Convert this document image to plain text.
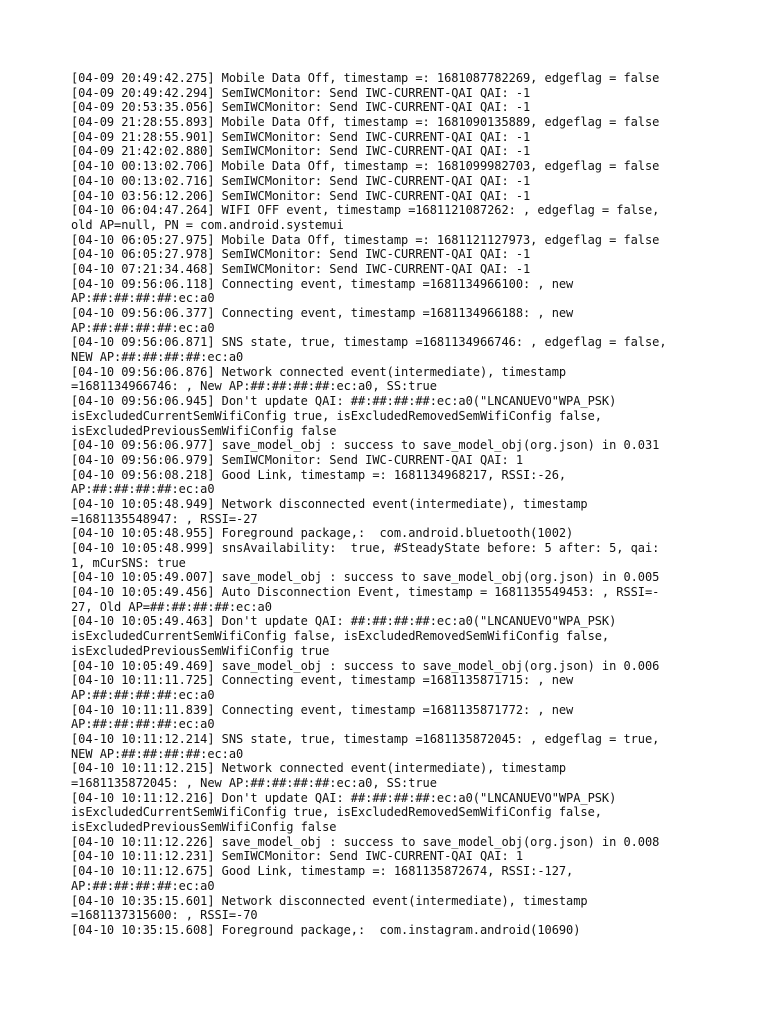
[04-09 20:49:42.275] Mobile Data Off, timestamp =: 1681087782269, edgeflag = false
[04-09 20:49:42.294] SemIWCMonitor: Send IWC-CURRENT-QAI QAI: -1
[04-09 20:53:35.056] SemIWCMonitor: Send IWC-CURRENT-QAI QAI: -1
[04-09 21:28:55.893] Mobile Data Off, timestamp =: 1681090135889, edgeflag = false
[04-09 21:28:55.901] SemIWCMonitor: Send IWC-CURRENT-QAI QAI: -1
[04-09 21:42:02.880] SemIWCMonitor: Send IWC-CURRENT-QAI QAI: -1
[04-10 00:13:02.706] Mobile Data Off, timestamp =: 1681099982703, edgeflag = false
[04-10 00:13:02.716] SemIWCMonitor: Send IWC-CURRENT-QAI QAI: -1
[04-10 03:56:12.206] SemIWCMonitor: Send IWC-CURRENT-QAI QAI: -1
[04-10 06:04:47.264] WIFI OFF event, timestamp =1681121087262: , edgeflag = false,
old AP=null, PN = com.android.systemui
[04-10 06:05:27.975] Mobile Data Off, timestamp =: 1681121127973, edgeflag = false
[04-10 06:05:27.978] SemIWCMonitor: Send IWC-CURRENT-QAI QAI: -1
[04-10 07:21:34.468] SemIWCMonitor: Send IWC-CURRENT-QAI QAI: -1
[04-10 09:56:06.118] Connecting event, timestamp =1681134966100: , new
AP:##:##:##:##:ec:a0
[04-10 09:56:06.377] Connecting event, timestamp =1681134966188: , new
AP:##:##:##:##:ec:a0
[04-10 09:56:06.871] SNS state, true, timestamp =1681134966746: , edgeflag = false,
NEW AP:##:##:##:##:ec:a0
[04-10 09:56:06.876] Network connected event(intermediate), timestamp
=1681134966746: , New AP:##:##:##:##:ec:a0, SS:true
[04-10 09:56:06.945] Don't update QAI: ##:##:##:##:ec:a0("LNCANUEVO"WPA_PSK)
isExcludedCurrentSemWifiConfig true, isExcludedRemovedSemWifiConfig false,
isExcludedPreviousSemWifiConfig false
[04-10 09:56:06.977] save_model_obj : success to save_model_obj(org.json) in 0.031
[04-10 09:56:06.979] SemIWCMonitor: Send IWC-CURRENT-QAI QAI: 1
[04-10 09:56:08.218] Good Link, timestamp =: 1681134968217, RSSI:-26,
AP:##:##:##:##:ec:a0
[04-10 10:05:48.949] Network disconnected event(intermediate), timestamp
=1681135548947: , RSSI=-27
[04-10 10:05:48.955] Foreground package,:  com.android.bluetooth(1002)
[04-10 10:05:48.999] snsAvailability:  true, #SteadyState before: 5 after: 5, qai:
1, mCurSNS: true
[04-10 10:05:49.007] save_model_obj : success to save_model_obj(org.json) in 0.005
[04-10 10:05:49.456] Auto Disconnection Event, timestamp = 1681135549453: , RSSI=-
27, Old AP=##:##:##:##:ec:a0
[04-10 10:05:49.463] Don't update QAI: ##:##:##:##:ec:a0("LNCANUEVO"WPA_PSK)
isExcludedCurrentSemWifiConfig false, isExcludedRemovedSemWifiConfig false,
isExcludedPreviousSemWifiConfig true
[04-10 10:05:49.469] save_model_obj : success to save_model_obj(org.json) in 0.006
[04-10 10:11:11.725] Connecting event, timestamp =1681135871715: , new
AP:##:##:##:##:ec:a0
[04-10 10:11:11.839] Connecting event, timestamp =1681135871772: , new
AP:##:##:##:##:ec:a0
[04-10 10:11:12.214] SNS state, true, timestamp =1681135872045: , edgeflag = true,
NEW AP:##:##:##:##:ec:a0
[04-10 10:11:12.215] Network connected event(intermediate), timestamp
=1681135872045: , New AP:##:##:##:##:ec:a0, SS:true
[04-10 10:11:12.216] Don't update QAI: ##:##:##:##:ec:a0("LNCANUEVO"WPA_PSK)
isExcludedCurrentSemWifiConfig true, isExcludedRemovedSemWifiConfig false,
isExcludedPreviousSemWifiConfig false
[04-10 10:11:12.226] save_model_obj : success to save_model_obj(org.json) in 0.008
[04-10 10:11:12.231] SemIWCMonitor: Send IWC-CURRENT-QAI QAI: 1
[04-10 10:11:12.675] Good Link, timestamp =: 1681135872674, RSSI:-127,
AP:##:##:##:##:ec:a0
[04-10 10:35:15.601] Network disconnected event(intermediate), timestamp
=1681137315600: , RSSI=-70
[04-10 10:35:15.608] Foreground package,:  com.instagram.android(10690)
